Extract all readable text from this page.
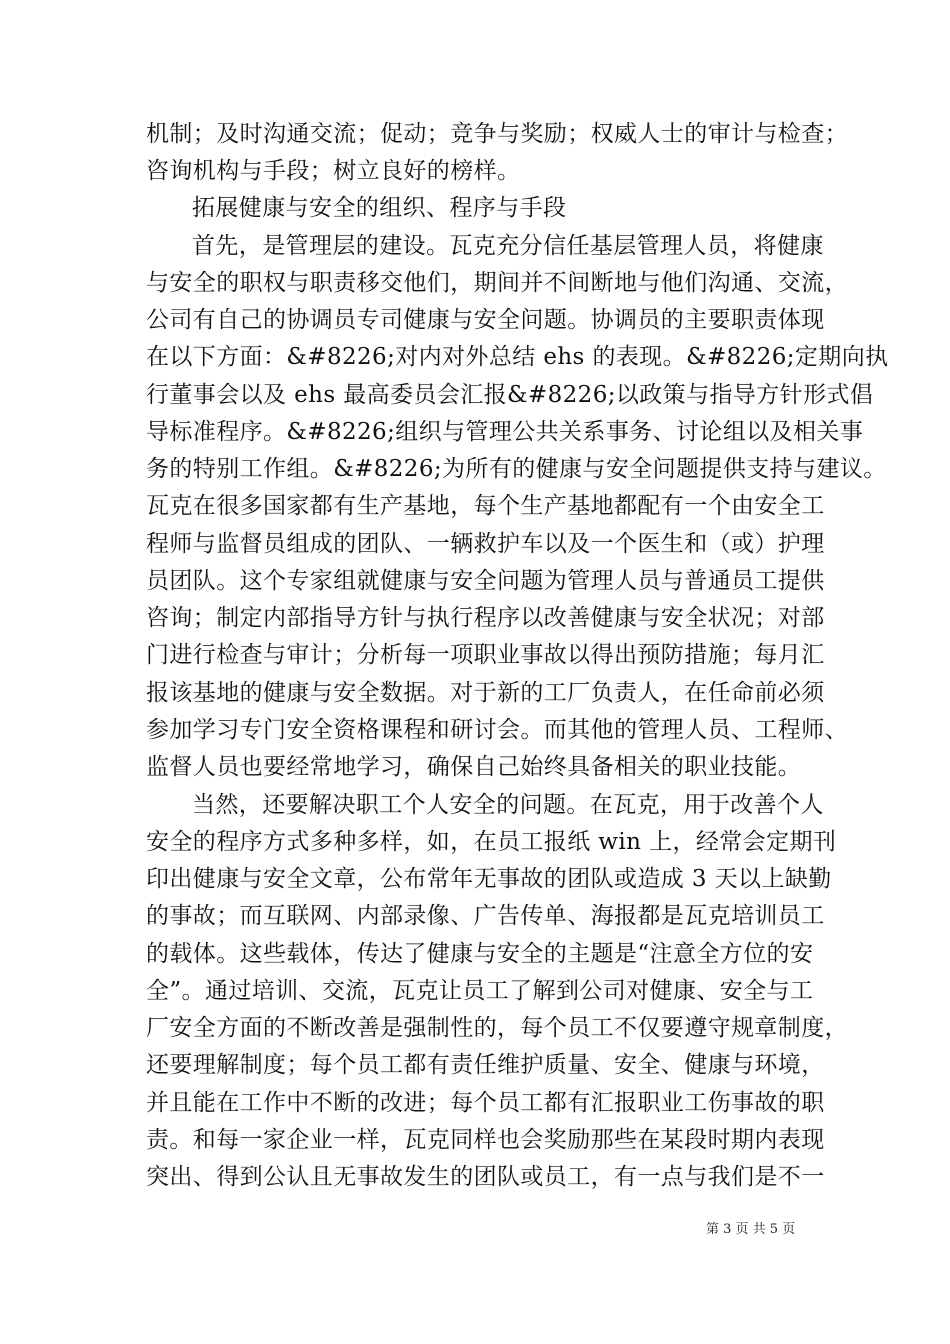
机制；及时沟通交流；促动；竞争与奖励；权威人士的审计与检查；
咨询机构与手段；树立良好的榜样。
拓展健康与安全的组织、程序与手段
首先，是管理层的建设。瓦克充分信任基层管理人员，将健康
与安全的职权与职责移交他们，期间并不间断地与他们沟通、交流，
公司有自己的协调员专司健康与安全问题。协调员的主要职责体现
在以下方面：&#8226;对内对外总结 ehs 的表现。&#8226;定期向执
行董事会以及 ehs 最高委员会汇报&#8226;以政策与指导方针形式倡
导标准程序。&#8226;组织与管理公共关系事务、讨论组以及相关事
务的特别工作组。&#8226;为所有的健康与安全问题提供支持与建议。
瓦克在很多国家都有生产基地，每个生产基地都配有一个由安全工
程师与监督员组成的团队、一辆救护车以及一个医生和（或）护理
员团队。这个专家组就健康与安全问题为管理人员与普通员工提供
咨询；制定内部指导方针与执行程序以改善健康与安全状况；对部
门进行检查与审计；分析每一项职业事故以得出预防措施；每月汇
报该基地的健康与安全数据。对于新的工厂负责人，在任命前必须
参加学习专门安全资格课程和研讨会。而其他的管理人员、工程师、
监督人员也要经常地学习，确保自己始终具备相关的职业技能。
当然，还要解决职工个人安全的问题。在瓦克，用于改善个人
安全的程序方式多种多样，如，在员工报纸 win 上，经常会定期刊
印出健康与安全文章，公布常年无事故的团队或造成 3 天以上缺勤
的事故；而互联网、内部录像、广告传单、海报都是瓦克培训员工
的载体。这些载体，传达了健康与安全的主题是“注意全方位的安
全”。通过培训、交流，瓦克让员工了解到公司对健康、安全与工
厂安全方面的不断改善是强制性的，每个员工不仅要遵守规章制度，
还要理解制度；每个员工都有责任维护质量、安全、健康与环境，
并且能在工作中不断的改进；每个员工都有汇报职业工伤事故的职
责。和每一家企业一样，瓦克同样也会奖励那些在某段时期内表现
突出、得到公认且无事故发生的团队或员工，有一点与我们是不一
第 3 页 共 5 页
